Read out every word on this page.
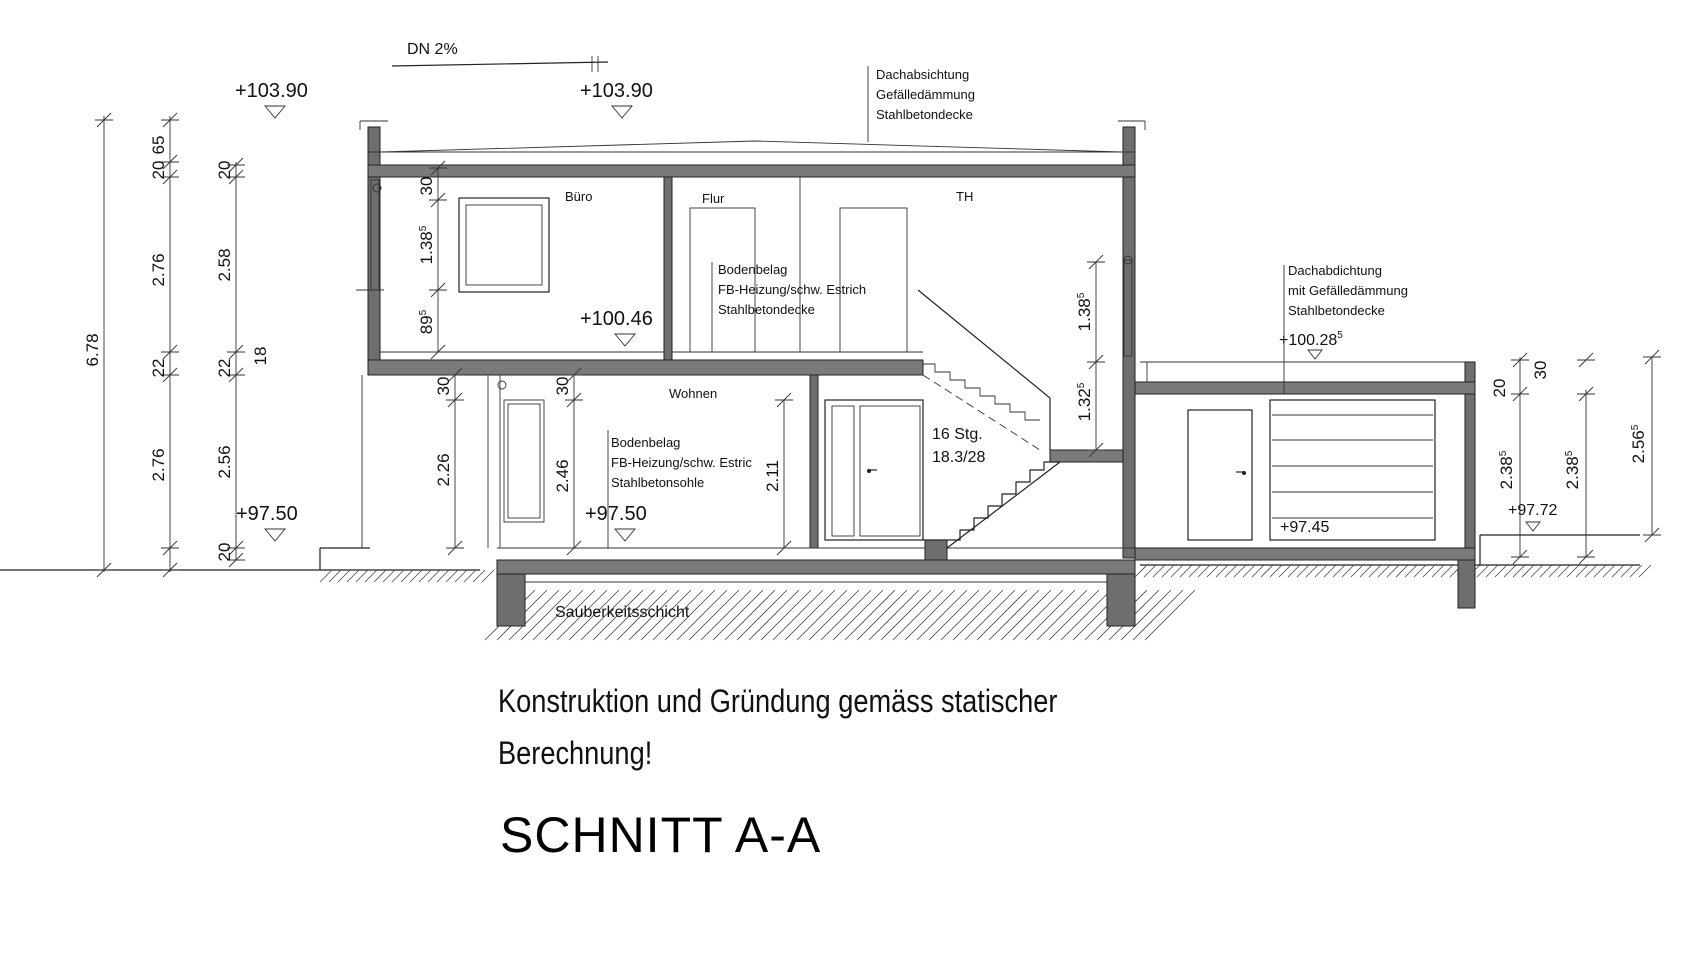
16 Stg.
18.3/28
DN 2%
+103.90	+103.90
+100.46
+97.50	+97.50
$+100.28^5$
+97.45
+97.72
Dachabsichtung
Gefälledämmung
Stahlbetondecke
Bodenbelag
FB-Heizung/schw. Estrich
Stahlbetondecke
Bodenbelag
FB-Heizung/schw. Estric
Stahlbetonsohle
Dachabdichtung
mit Gefälledämmung
Stahlbetondecke
Büro	Flur	TH
Wohnen
Sauberkeitsschicht
6.78
65
20
2.76
22
2.76
20
2.58
22
18
2.56
20
30
1.38$^5$
$89^5$
30
2.26
30
2.46	2.11
1.38$^5$
1.32$^5$	20
30
2.38$^5$
2.38$^5$	2.56$^5$
Konstruktion und Gründung gemäss statischer
Berechnung!
SCHNITT A-A
